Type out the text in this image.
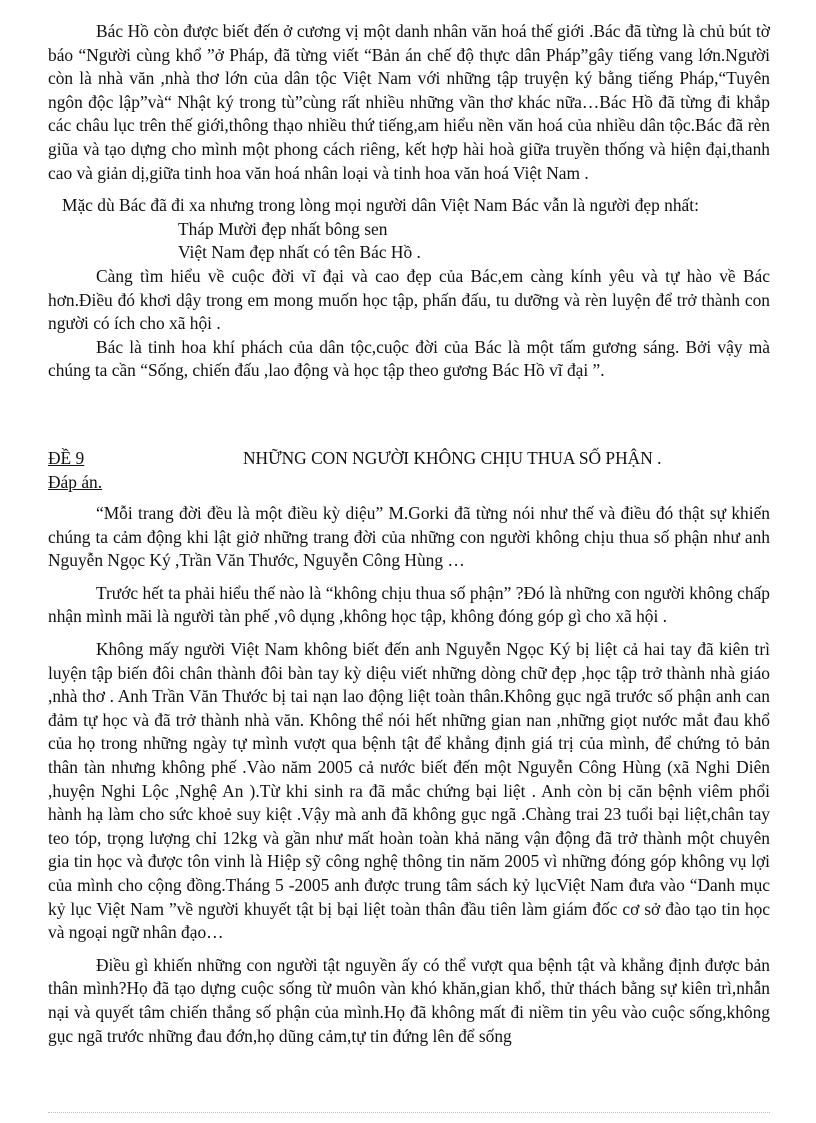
Bác Hồ còn được biết đến ở cương vị một danh nhân văn hoá thế giới .Bác đã từng là chủ bút tờ báo “Người cùng khổ ”ở Pháp, đã từng viết “Bản án chế độ thực dân Pháp”gây tiếng vang lớn.Người còn là nhà văn ,nhà thơ lớn của dân tộc Việt Nam với những tập truyện ký bằng tiếng Pháp,“Tuyên ngôn độc lập”và“ Nhật ký trong tù”cùng rất nhiều những vần thơ khác nữa…Bác Hồ đã từng đi khắp các châu lục trên thế giới,thông thạo nhiều thứ tiếng,am hiểu nền văn hoá của nhiều dân tộc.Bác đã rèn giũa và tạo dựng cho mình một phong cách riêng, kết hợp hài hoà giữa truyền thống và hiện đại,thanh cao và giản dị,giữa tinh hoa văn hoá nhân loại và tinh hoa văn hoá Việt Nam .

Mặc dù Bác đã đi xa nhưng trong lòng mọi người dân Việt Nam Bác vẫn là người đẹp nhất:

Tháp Mười đẹp nhất bông sen

Việt Nam đẹp nhất có tên Bác Hồ .

Càng tìm hiểu về cuộc đời vĩ đại và cao đẹp của Bác,em càng kính yêu và tự hào về Bác hơn.Điều đó khơi dậy trong em mong muốn học tập, phấn đấu, tu dưỡng và rèn luyện để trở thành con người có ích cho xã hội .

Bác là tinh hoa khí phách của dân tộc,cuộc đời của Bác là một tấm gương sáng. Bởi vậy mà chúng ta cần “Sống, chiến đấu ,lao động và học tập theo gương Bác Hồ vĩ đại ”.

ĐỀ 9	NHỮNG CON NGƯỜI KHÔNG CHỊU THUA SỐ PHẬN .
Đáp án.

“Mỗi trang đời đều là một điều kỳ diệu” M.Gorki đã từng nói như thế và điều đó thật sự khiến chúng ta cảm động khi lật giở những trang đời của những con người không chịu thua số phận như anh Nguyễn Ngọc Ký ,Trần Văn Thước, Nguyễn Công Hùng …

Trước hết ta phải hiểu thế nào là “không chịu thua số phận” ?Đó là những con người không chấp nhận mình mãi là người tàn phế ,vô dụng ,không học tập, không đóng góp gì cho xã hội .

Không mấy người Việt Nam không biết đến anh Nguyễn Ngọc Ký bị liệt cả hai tay đã kiên trì luyện tập biến đôi chân thành đôi bàn tay kỳ diệu viết những dòng chữ đẹp ,học tập trở thành nhà giáo ,nhà thơ . Anh Trần Văn Thước bị tai nạn lao động liệt toàn thân.Không gục ngã trước số phận anh can đảm tự học và đã trở thành nhà văn. Không thể nói hết những gian nan ,những giọt nước mắt đau khổ của họ trong những ngày tự mình vượt qua bệnh tật để khẳng định giá trị của mình, để chứng tỏ bản thân tàn nhưng không phế .Vào năm 2005 cả nước biết đến một Nguyễn Công Hùng (xã Nghi Diên ,huyện Nghi Lộc ,Nghệ An ).Từ khi sinh ra đã mắc chứng bại liệt . Anh còn bị căn bệnh viêm phổi hành hạ làm cho sức khoẻ suy kiệt .Vậy mà anh đã không gục ngã .Chàng trai 23 tuổi bại liệt,chân tay teo tóp, trọng lượng chỉ 12kg và gần như mất hoàn toàn khả năng vận động đã trở thành một chuyên gia tin học và được tôn vinh là Hiệp sỹ công nghệ thông tin năm 2005 vì những đóng góp không vụ lợi của mình cho cộng đồng.Tháng 5 -2005 anh được trung tâm sách kỷ lụcViệt Nam đưa vào “Danh mục kỷ lục Việt Nam ”về người khuyết tật bị bại liệt toàn thân đầu tiên làm giám đốc cơ sở đào tạo tin học và ngoại ngữ nhân đạo…

Điều gì khiến những con người tật nguyền ấy có thể vượt qua bệnh tật và khẳng định được bản thân mình?Họ đã tạo dựng cuộc sống từ muôn vàn khó khăn,gian khổ, thử thách bằng sự kiên trì,nhẫn nại và quyết tâm chiến thắng số phận của mình.Họ đã không mất đi niềm tin yêu vào cuộc sống,không gục ngã trước những đau đớn,họ dũng cảm,tự tin đứng lên để sống
